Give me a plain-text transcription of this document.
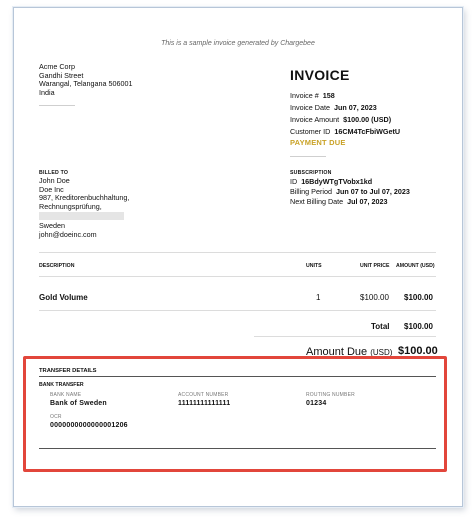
This is a sample invoice generated by Chargebee
Acme Corp
Gandhi Street
Warangal, Telangana 506001
India
INVOICE
Invoice # 158
Invoice Date Jun 07, 2023
Invoice Amount $100.00 (USD)
Customer ID 16CM4TcFbiWGetU
PAYMENT DUE
BILLED TO
John Doe
Doe Inc
987, Kreditorenbuchhaltung,
Rechnungsprüfung,
Sweden
john@doeinc.com
SUBSCRIPTION
ID 16BdyWTgTVobx1kd
Billing Period Jun 07 to Jul 07, 2023
Next Billing Date Jul 07, 2023
DESCRIPTION	UNITS	UNIT PRICE AMOUNT (USD)
Gold Volume	1	$100.00 $100.00
Total $100.00
Amount Due (USD) $100.00
TRANSFER DETAILS
BANK TRANSFER
BANK NAME
Bank of Sweden
ACCOUNT NUMBER
11111111111111
ROUTING NUMBER
01234
OCR
0000000000000001206
